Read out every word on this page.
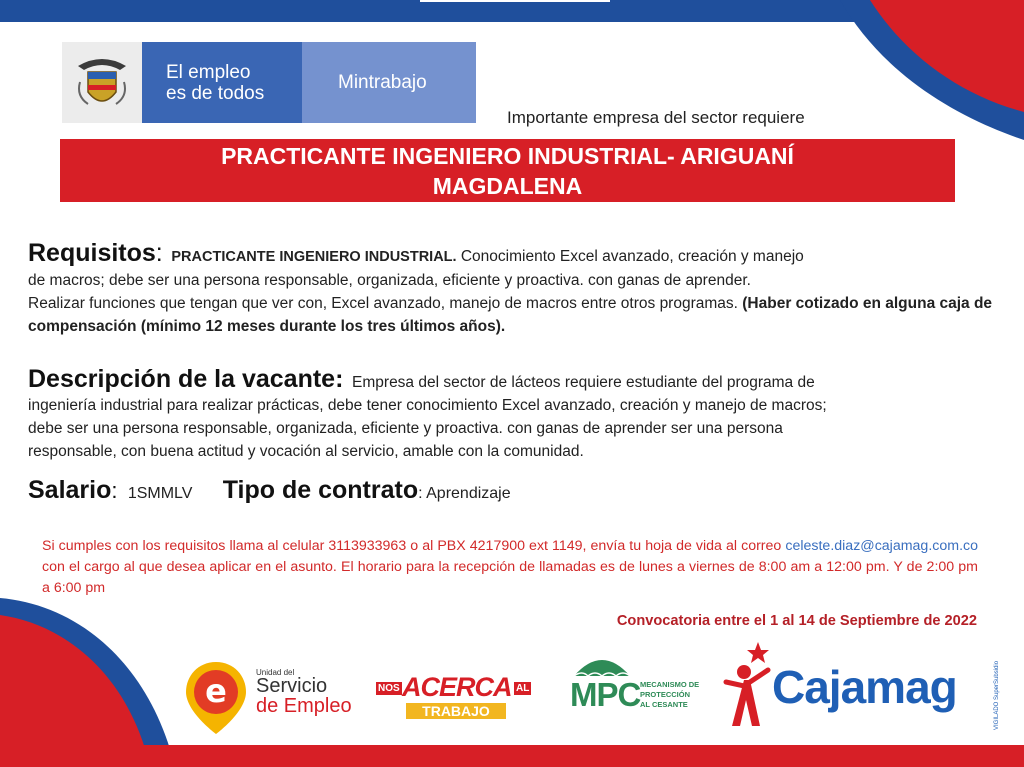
El empleo
es de todos
Mintrabajo
Importante empresa del sector requiere
PRACTICANTE INGENIERO INDUSTRIAL- ARIGUANÍ MAGDALENA
Requisitos: PRACTICANTE INGENIERO INDUSTRIAL. Conocimiento Excel avanzado, creación y manejo
de macros; debe ser una persona responsable, organizada, eficiente y proactiva. con ganas de aprender.
Realizar funciones que tengan que ver con, Excel avanzado, manejo de macros entre otros programas. (Haber cotizado en alguna caja de compensación (mínimo 12 meses durante los tres últimos años).
Descripción de la vacante: Empresa del sector de lácteos requiere estudiante del programa de
ingeniería industrial para realizar prácticas, debe tener conocimiento Excel avanzado, creación y manejo de macros;
debe ser una persona responsable, organizada, eficiente y proactiva. con ganas de aprender ser una persona
responsable, con buena actitud y vocación al servicio, amable con la comunidad.
Salario: 1SMMLV Tipo de contrato: Aprendizaje
Si cumples con los requisitos llama al celular 3113933963 o al PBX 4217900 ext 1149, envía tu hoja de vida al correo celeste.diaz@cajamag.com.co con el cargo al que desea aplicar en el asunto. El horario para la recepción de llamadas es de lunes a viernes de 8:00 am a 12:00 pm. Y de 2:00 pm a 6:00 pm
Convocatoria entre el 1 al 14 de Septiembre de 2022
e	Unidad del
Servicio
de Empleo
NOS ACERCA AL
TRABAJO	MPC MECANISMO DE
PROTECCIÓN
AL CESANTE Cajamag	VIGILADO SuperSubsidio
